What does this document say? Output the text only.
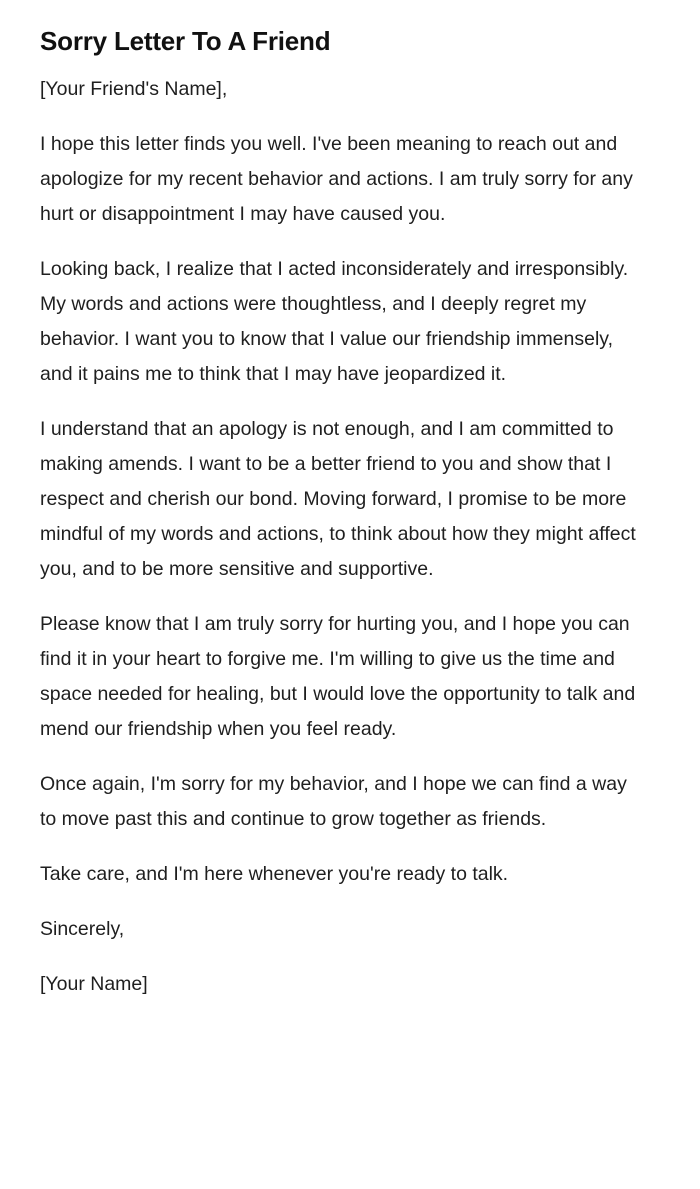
Sorry Letter To A Friend

[Your Friend's Name],

I hope this letter finds you well. I've been meaning to reach out and apologize for my recent behavior and actions. I am truly sorry for any hurt or disappointment I may have caused you.

Looking back, I realize that I acted inconsiderately and irresponsibly. My words and actions were thoughtless, and I deeply regret my behavior. I want you to know that I value our friendship immensely, and it pains me to think that I may have jeopardized it.

I understand that an apology is not enough, and I am committed to making amends. I want to be a better friend to you and show that I respect and cherish our bond. Moving forward, I promise to be more mindful of my words and actions, to think about how they might affect you, and to be more sensitive and supportive.

Please know that I am truly sorry for hurting you, and I hope you can find it in your heart to forgive me. I'm willing to give us the time and space needed for healing, but I would love the opportunity to talk and mend our friendship when you feel ready.

Once again, I'm sorry for my behavior, and I hope we can find a way to move past this and continue to grow together as friends.

Take care, and I'm here whenever you're ready to talk.

Sincerely,

[Your Name]
